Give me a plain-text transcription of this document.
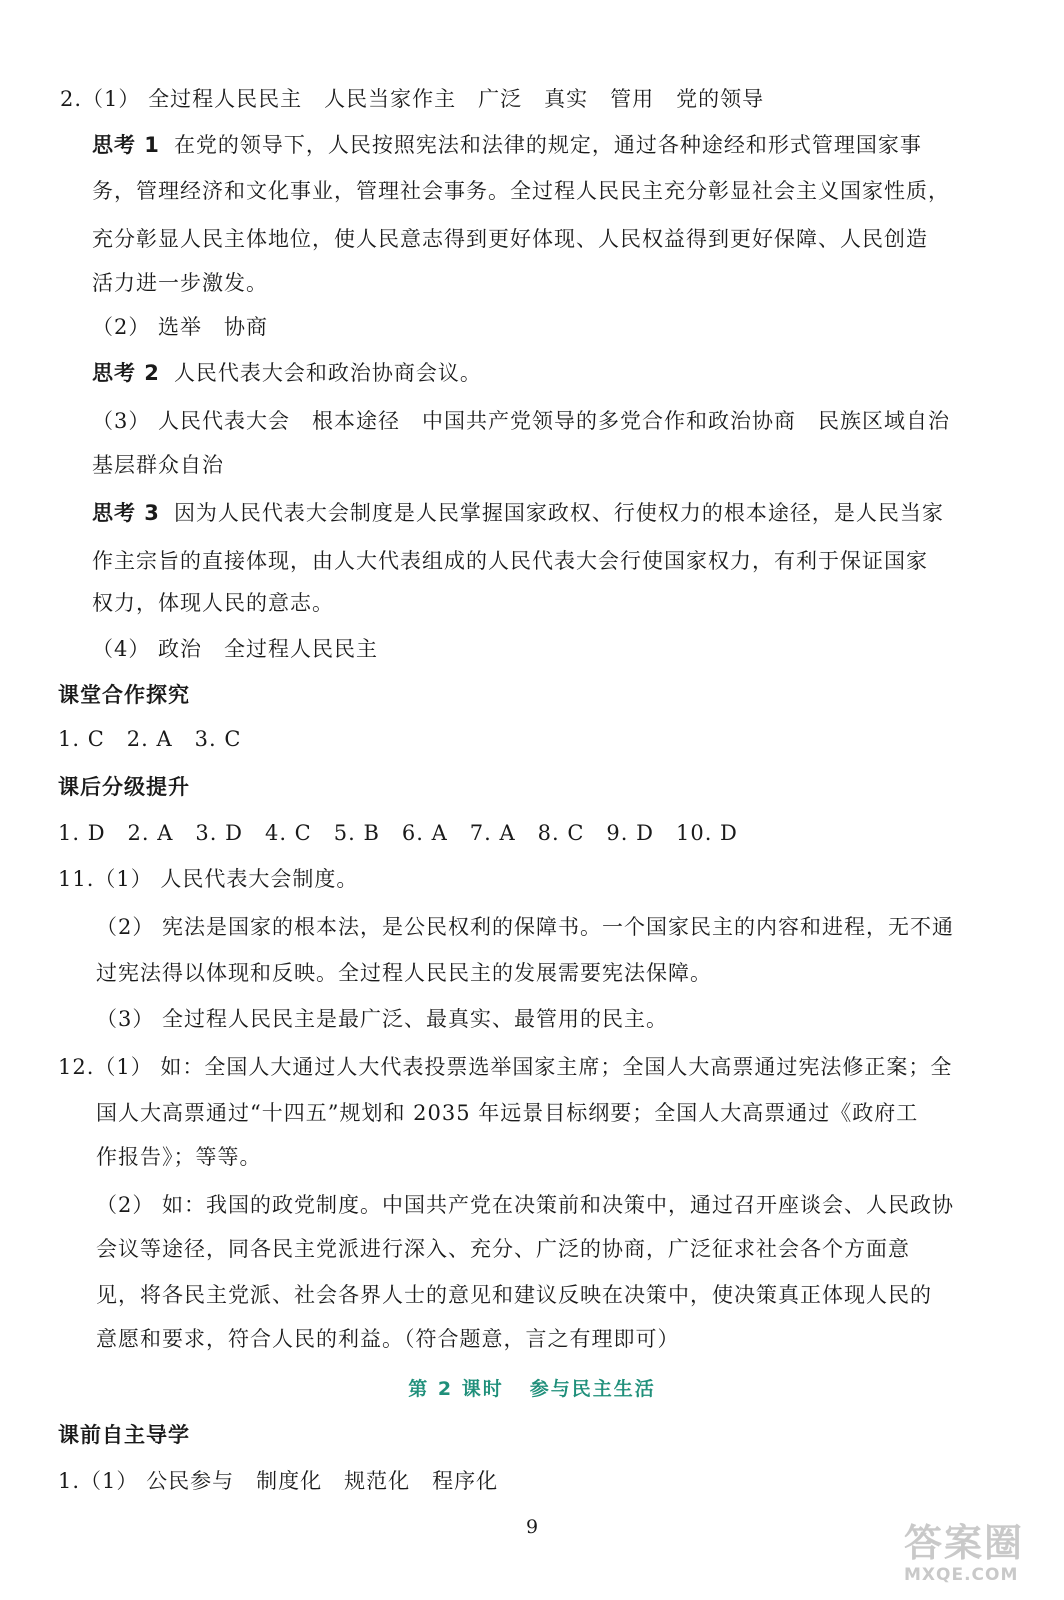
2.（1） 全过程人民民主　人民当家作主　广泛　真实　管用　党的领导
思考 1 在党的领导下，人民按照宪法和法律的规定，通过各种途经和形式管理国家事
务，管理经济和文化事业，管理社会事务。全过程人民民主充分彰显社会主义国家性质，
充分彰显人民主体地位，使人民意志得到更好体现、人民权益得到更好保障、人民创造
活力进一步激发。
（2） 选举　协商
思考 2 人民代表大会和政治协商会议。
（3） 人民代表大会　根本途径　中国共产党领导的多党合作和政治协商　民族区域自治
基层群众自治
思考 3 因为人民代表大会制度是人民掌握国家政权、行使权力的根本途径，是人民当家
作主宗旨的直接体现，由人大代表组成的人民代表大会行使国家权力，有利于保证国家
权力，体现人民的意志。
（4） 政治　全过程人民民主
课堂合作探究
1. C　2. A　3. C
课后分级提升
1. D　2. A　3. D　4. C　5. B　6. A　7. A　8. C　9. D　10. D
11.（1） 人民代表大会制度。
（2） 宪法是国家的根本法，是公民权利的保障书。一个国家民主的内容和进程，无不通
过宪法得以体现和反映。全过程人民民主的发展需要宪法保障。
（3） 全过程人民民主是最广泛、最真实、最管用的民主。
12.（1） 如：全国人大通过人大代表投票选举国家主席；全国人大高票通过宪法修正案；全
国人大高票通过“十四五”规划和 2035 年远景目标纲要；全国人大高票通过《政府工
作报告》；等等。
（2） 如：我国的政党制度。中国共产党在决策前和决策中，通过召开座谈会、人民政协
会议等途径，同各民主党派进行深入、充分、广泛的协商，广泛征求社会各个方面意
见，将各民主党派、社会各界人士的意见和建议反映在决策中，使决策真正体现人民的
意愿和要求，符合人民的利益。（符合题意，言之有理即可）
第 2 课时 参与民主生活
课前自主导学
1.（1） 公民参与　制度化　规范化　程序化
9	答案圈
MXQE.COM
